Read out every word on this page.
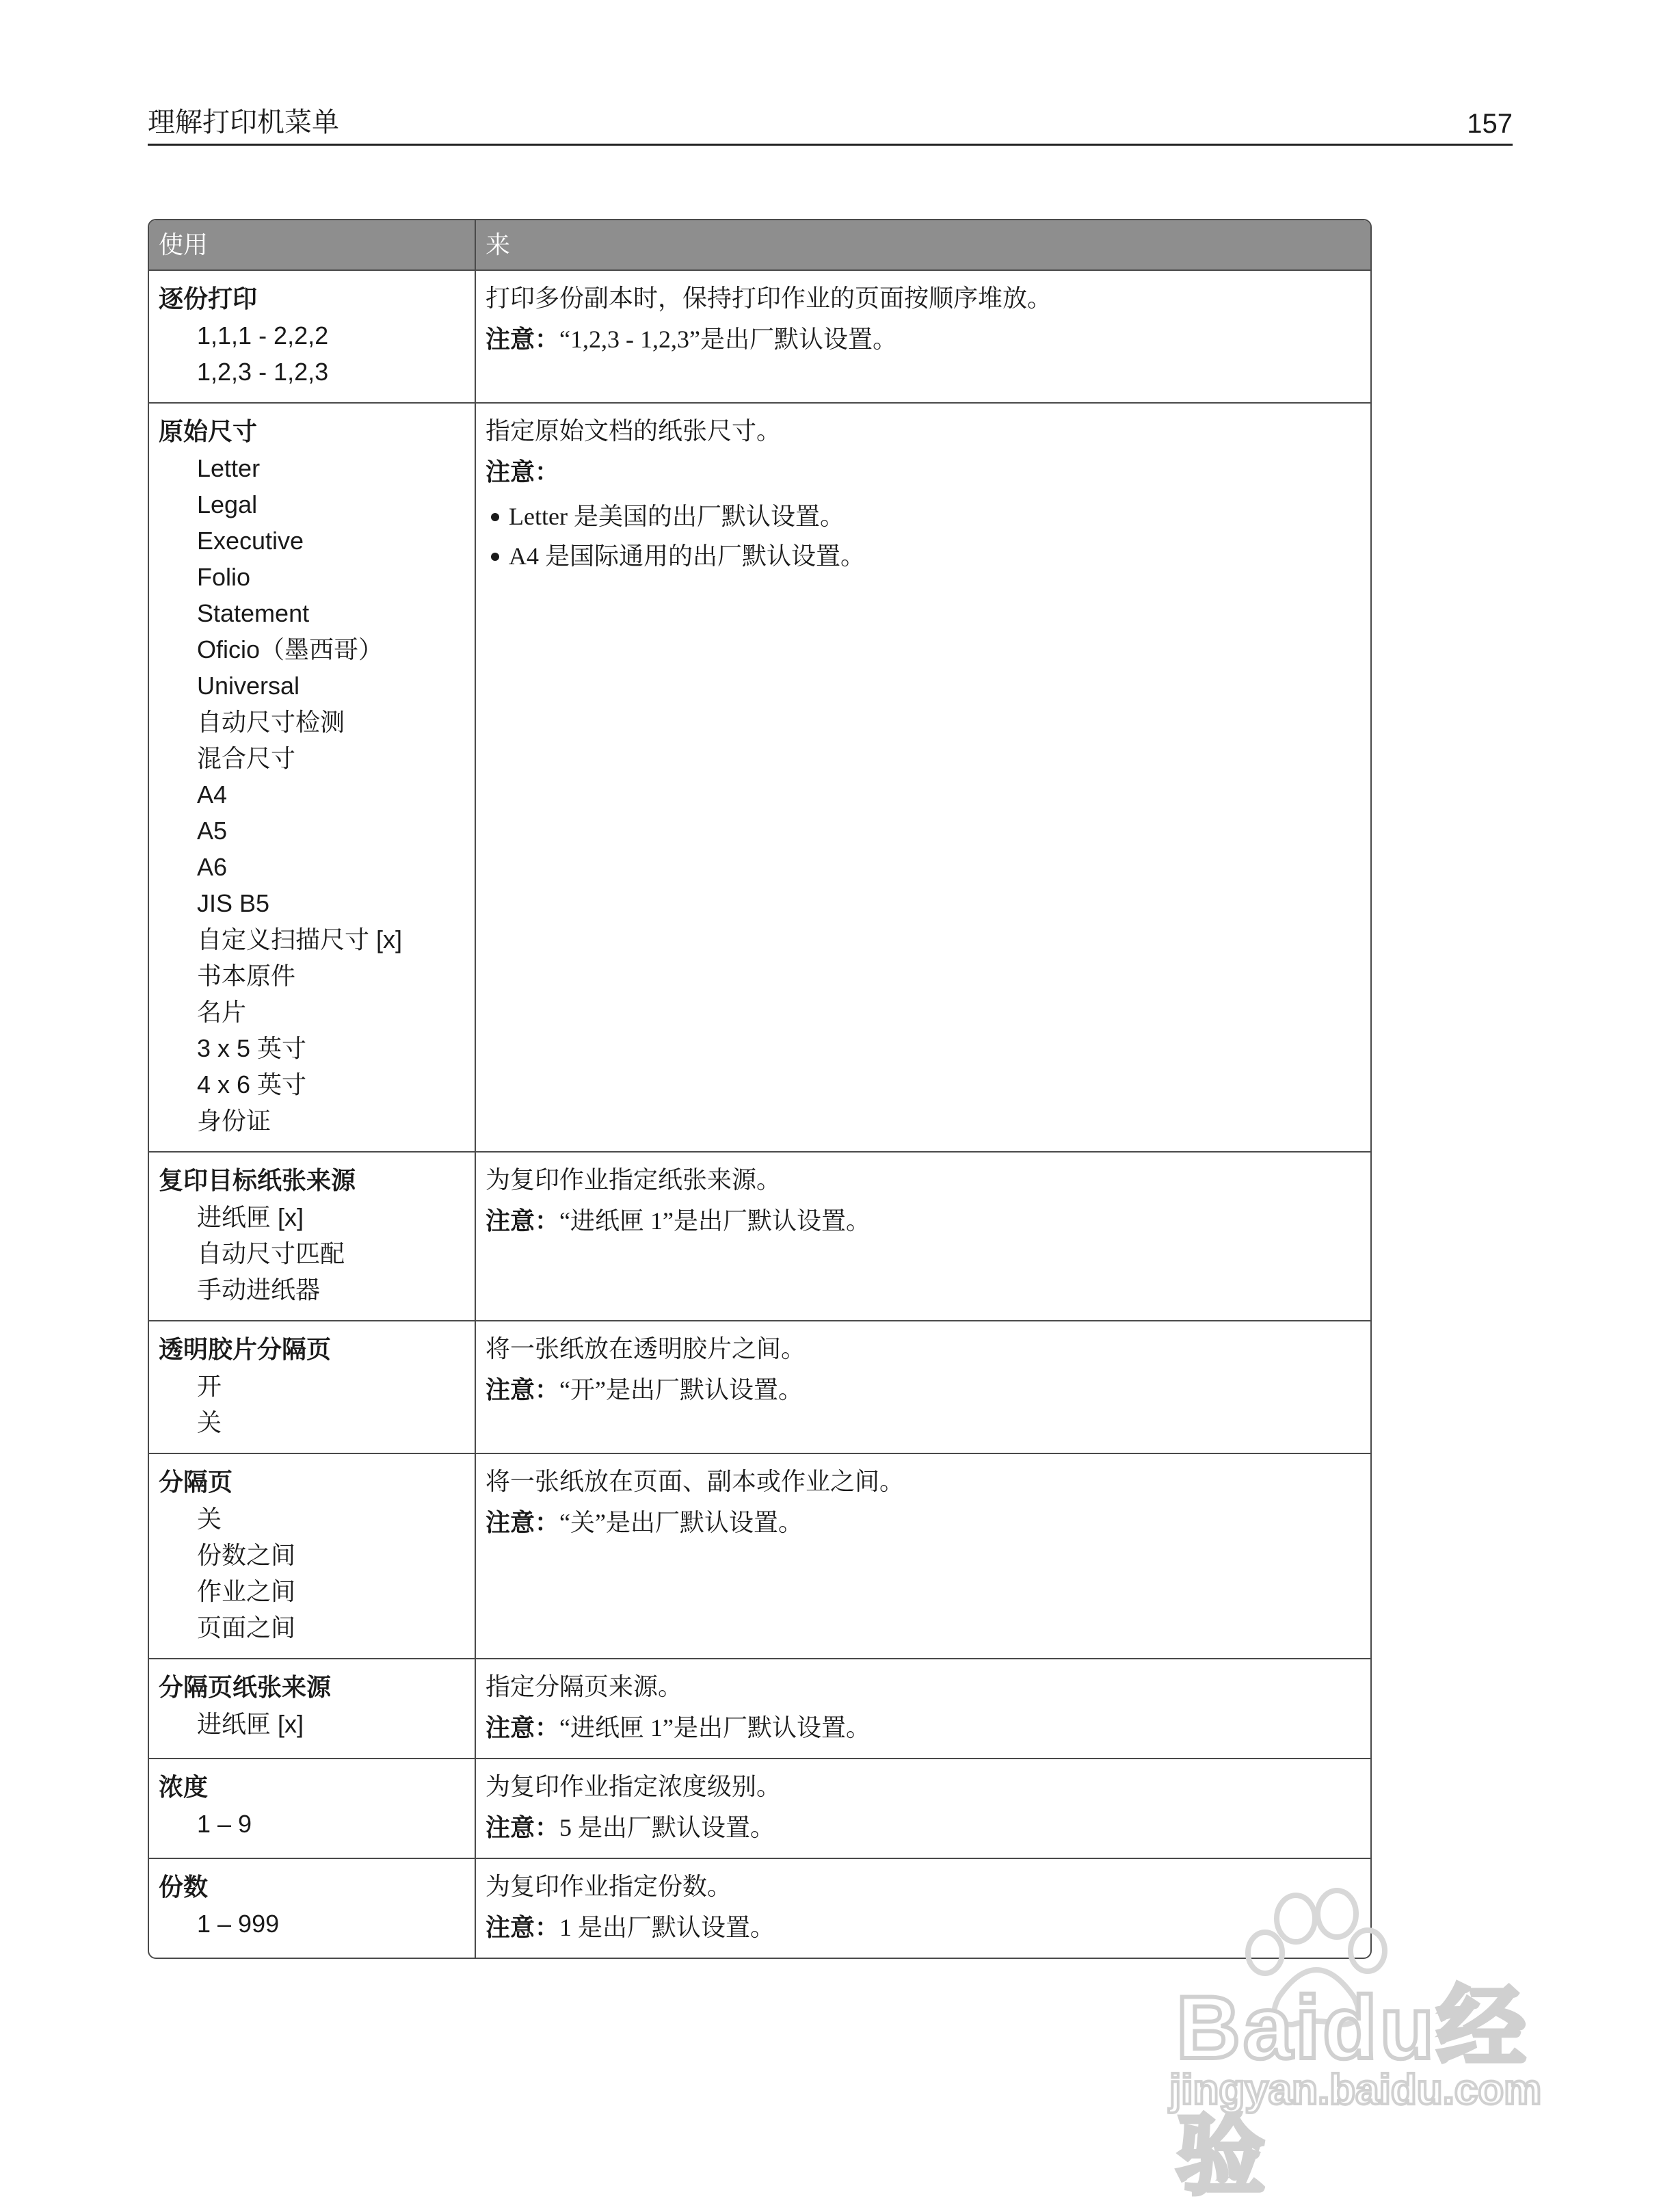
理解打印机菜单	157
使用	来
逐份打印
1,1,1 - 2,2,2
1,2,3 - 1,2,3
打印多份副本时，保持打印作业的页面按顺序堆放。
注意：“1,2,3 - 1,2,3”是出厂默认设置。
原始尺寸
Letter
Legal
Executive
Folio
Statement
Oficio（墨西哥）
Universal
自动尺寸检测
混合尺寸
A4
A5
A6
JIS B5
自定义扫描尺寸 [x]
书本原件
名片
3 x 5 英寸
4 x 6 英寸
身份证
指定原始文档的纸张尺寸。
注意：
Letter 是美国的出厂默认设置。
A4 是国际通用的出厂默认设置。
复印目标纸张来源
进纸匣 [x]
自动尺寸匹配
手动进纸器
为复印作业指定纸张来源。
注意：“进纸匣 1”是出厂默认设置。
透明胶片分隔页
开
关
将一张纸放在透明胶片之间。
注意：“开”是出厂默认设置。
分隔页
关
份数之间
作业之间
页面之间
将一张纸放在页面、副本或作业之间。
注意：“关”是出厂默认设置。
分隔页纸张来源
进纸匣 [x]
指定分隔页来源。
注意：“进纸匣 1”是出厂默认设置。
浓度
1 – 9
为复印作业指定浓度级别。
注意：5 是出厂默认设置。
份数
1 – 999
为复印作业指定份数。
注意：1 是出厂默认设置。
Baidu经验
jingyan.baidu.com
